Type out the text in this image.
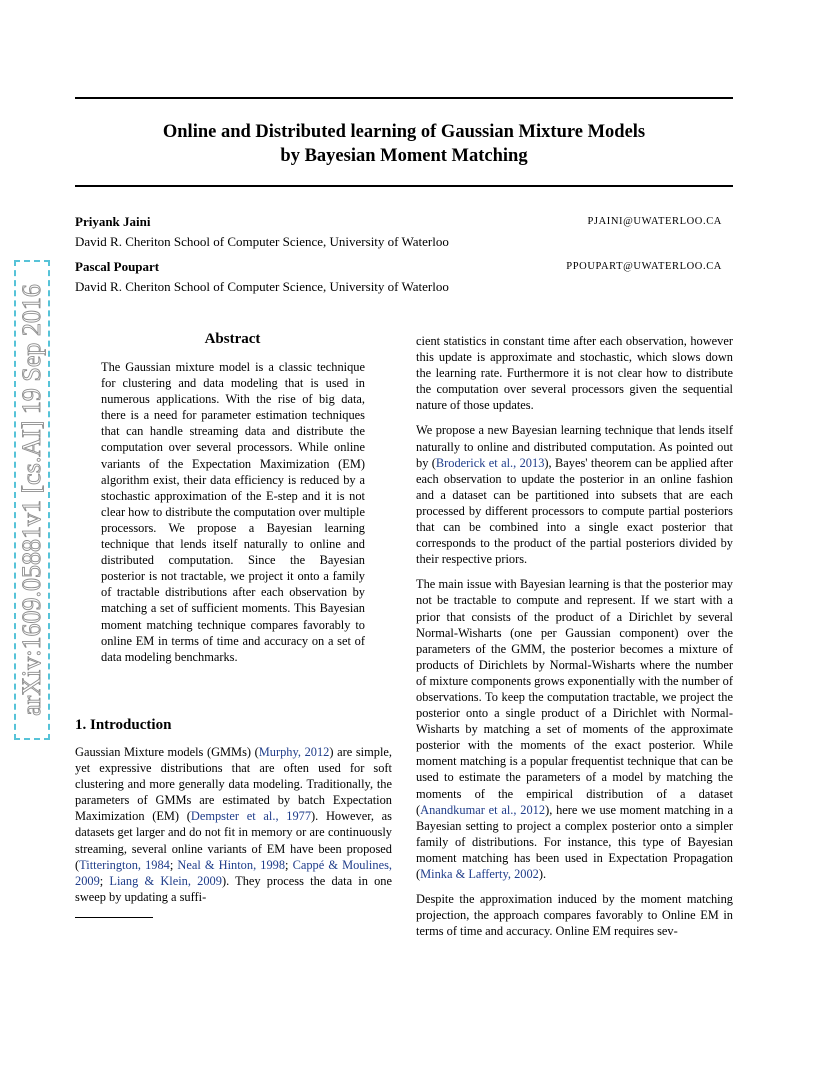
Online and Distributed learning of Gaussian Mixture Models
by Bayesian Moment Matching
Priyank Jaini	PJAINI@UWATERLOO.CA
David R. Cheriton School of Computer Science, University of Waterloo
Pascal Poupart	PPOUPART@UWATERLOO.CA
David R. Cheriton School of Computer Science, University of Waterloo
arXiv:1609.05881v1 [cs.AI] 19 Sep 2016	Abstract
The Gaussian mixture model is a classic technique for clustering and data modeling that is used in numerous applications. With the rise of big data, there is a need for parameter estimation techniques that can handle streaming data and distribute the computation over several processors. While online variants of the Expectation Maximization (EM) algorithm exist, their data efficiency is reduced by a stochastic approximation of the E-step and it is not clear how to distribute the computation over multiple processors. We propose a Bayesian learning technique that lends itself naturally to online and distributed computation. Since the Bayesian posterior is not tractable, we project it onto a family of tractable distributions after each observation by matching a set of sufficient moments. This Bayesian moment matching technique compares favorably to online EM in terms of time and accuracy on a set of data modeling benchmarks.
1. Introduction

Gaussian Mixture models (GMMs) (Murphy, 2012) are simple, yet expressive distributions that are often used for soft clustering and more generally data modeling. Traditionally, the parameters of GMMs are estimated by batch Expectation Maximization (EM) (Dempster et al., 1977). However, as datasets get larger and do not fit in memory or are continuously streaming, several online variants of EM have been proposed (Titterington, 1984; Neal & Hinton, 1998; Cappé & Moulines, 2009; Liang & Klein, 2009). They process the data in one sweep by updating a suffi-

cient statistics in constant time after each observation, however this update is approximate and stochastic, which slows down the learning rate. Furthermore it is not clear how to distribute the computation over several processors given the sequential nature of those updates.

We propose a new Bayesian learning technique that lends itself naturally to online and distributed computation. As pointed out by (Broderick et al., 2013), Bayes' theorem can be applied after each observation to update the posterior in an online fashion and a dataset can be partitioned into subsets that are each processed by different processors to compute partial posteriors that can be combined into a single exact posterior that corresponds to the product of the partial posteriors divided by their respective priors.

The main issue with Bayesian learning is that the posterior may not be tractable to compute and represent. If we start with a prior that consists of the product of a Dirichlet by several Normal-Wisharts (one per Gaussian component) over the parameters of the GMM, the posterior becomes a mixture of products of Dirichlets by Normal-Wisharts where the number of mixture components grows exponentially with the number of observations. To keep the computation tractable, we project the posterior onto a single product of a Dirichlet with Normal-Wisharts by matching a set of moments of the approximate posterior with the moments of the exact posterior. While moment matching is a popular frequentist technique that can be used to estimate the parameters of a model by matching the moments of the empirical distribution of a dataset (Anandkumar et al., 2012), here we use moment matching in a Bayesian setting to project a complex posterior onto a simpler family of distributions. For instance, this type of Bayesian moment matching has been used in Expectation Propagation (Minka & Lafferty, 2002).

Despite the approximation induced by the moment matching projection, the approach compares favorably to Online EM in terms of time and accuracy. Online EM requires sev-
